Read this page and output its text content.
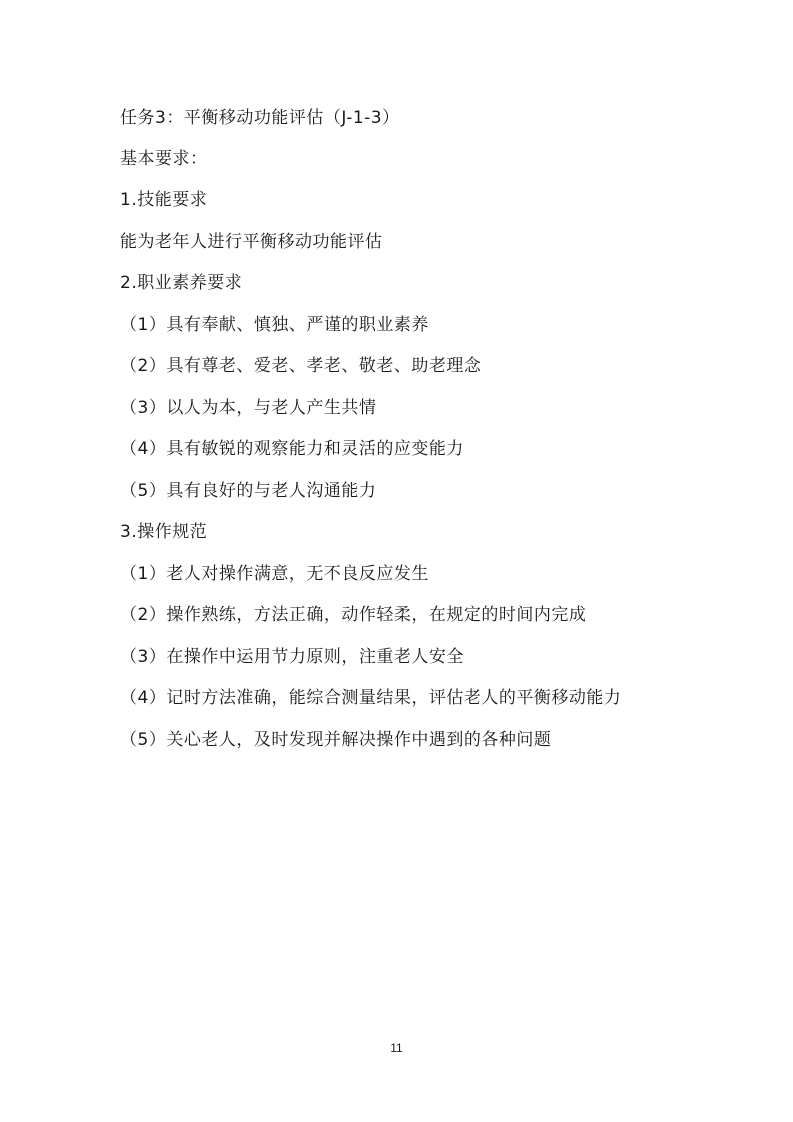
任务3：平衡移动功能评估（J-1-3）
基本要求：
1.技能要求
能为老年人进行平衡移动功能评估
2.职业素养要求
（1）具有奉献、慎独、严谨的职业素养
（2）具有尊老、爱老、孝老、敬老、助老理念
（3）以人为本，与老人产生共情
（4）具有敏锐的观察能力和灵活的应变能力
（5）具有良好的与老人沟通能力
3.操作规范
（1）老人对操作满意，无不良反应发生
（2）操作熟练，方法正确，动作轻柔，在规定的时间内完成
（3）在操作中运用节力原则，注重老人安全
（4）记时方法准确，能综合测量结果，评估老人的平衡移动能力
（5）关心老人，及时发现并解决操作中遇到的各种问题
11
